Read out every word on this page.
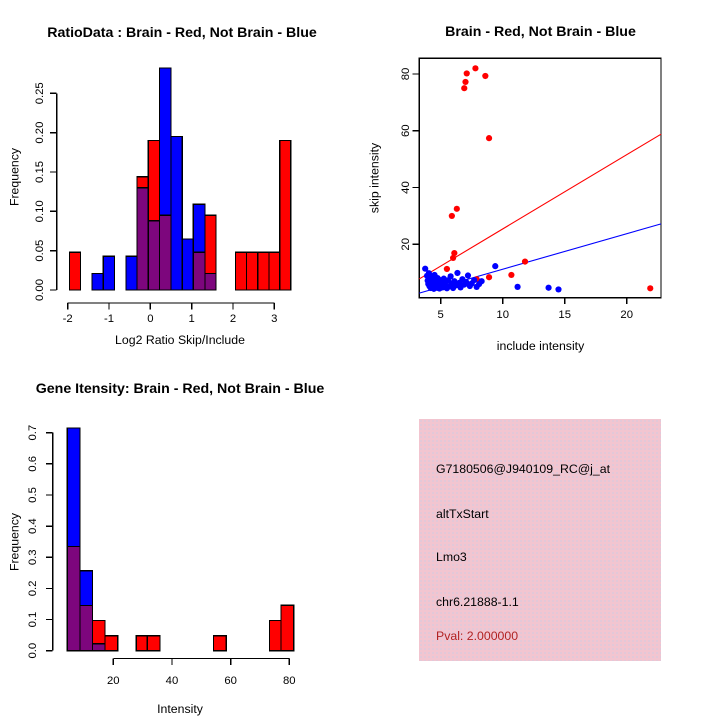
-2	-1	0	1	2	3
0.00
0.05
0.10
0.15
0.20
0.25
RatioData : Brain - Red, Not Brain - Blue
Log2 Ratio Skip/Include
Frequency
5	10	15	20
20
40
60
80
Brain - Red, Not Brain - Blue
include intensity
skip intensity
20	40	60	80
0.0
0.1
0.2
0.3
0.4
0.5
0.6
0.7
Gene Itensity: Brain - Red, Not Brain - Blue
Intensity
Frequency
G7180506@J940109_RC@j_at
altTxStart
Lmo3
chr6.21888-1.1
Pval: 2.000000
